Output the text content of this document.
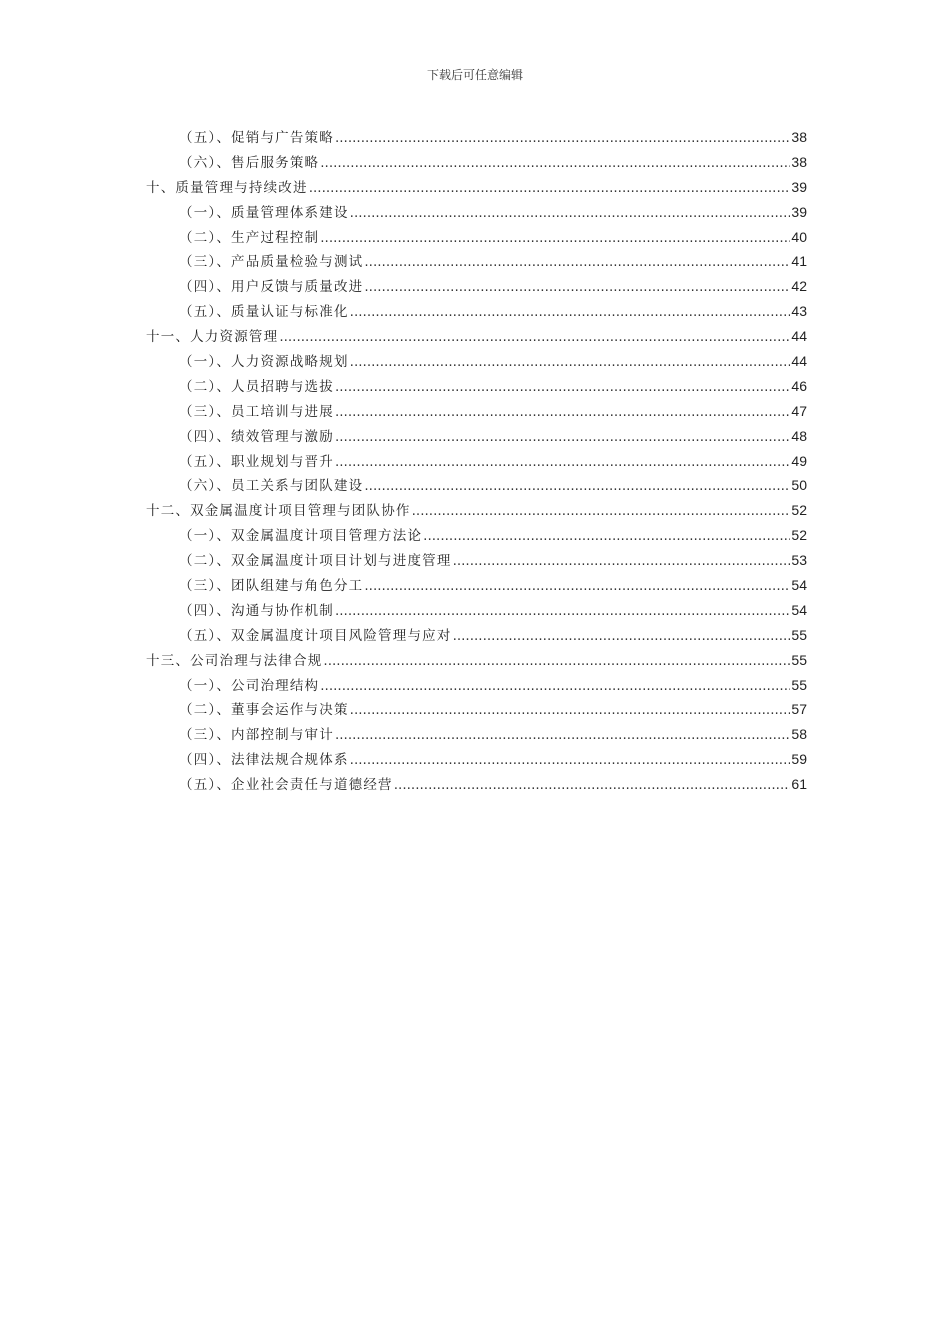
下载后可任意编辑
（五）、促销与广告策略 .....	38
（六）、售后服务策略 .....	38
十、质量管理与持续改进 .....	39
（一）、质量管理体系建设 .....	39
（二）、生产过程控制 .....	40
（三）、产品质量检验与测试 .....	41
（四）、用户反馈与质量改进 .....	42
（五）、质量认证与标准化 .....	43
十一、人力资源管理 .....	44
（一）、人力资源战略规划 .....	44
（二）、人员招聘与选拔 .....	46
（三）、员工培训与进展 .....	47
（四）、绩效管理与激励 .....	48
（五）、职业规划与晋升 .....	49
（六）、员工关系与团队建设 .....	50
十二、双金属温度计项目管理与团队协作 .....	52
（一）、双金属温度计项目管理方法论 .....	52
（二）、双金属温度计项目计划与进度管理 .....	53
（三）、团队组建与角色分工 .....	54
（四）、沟通与协作机制 .....	54
（五）、双金属温度计项目风险管理与应对 .....	55
十三、公司治理与法律合规 .....	55
（一）、公司治理结构 .....	55
（二）、董事会运作与决策 .....	57
（三）、内部控制与审计 .....	58
（四）、法律法规合规体系 .....	59
（五）、企业社会责任与道德经营 .....	61
